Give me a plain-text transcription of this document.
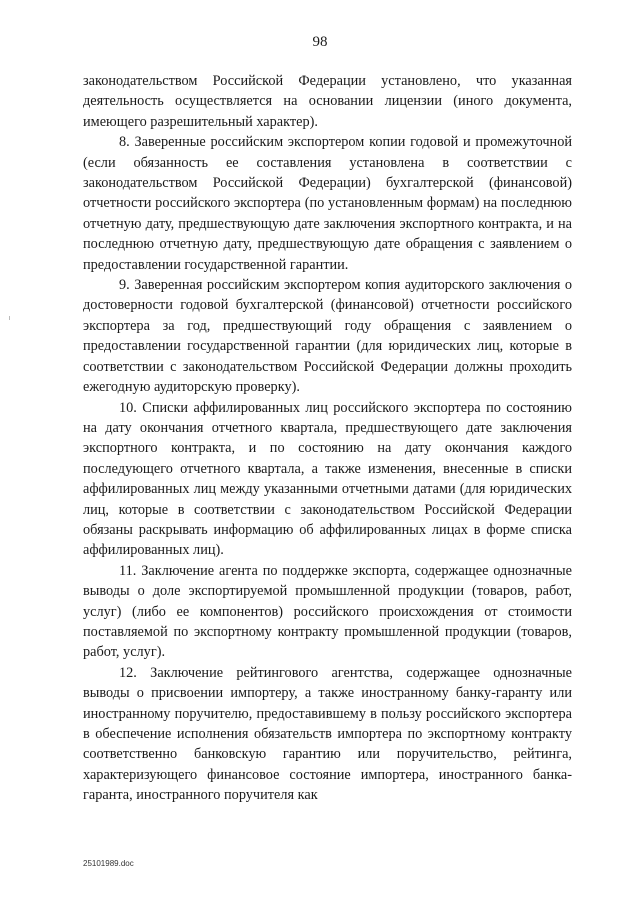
98

законодательством Российской Федерации установлено, что указанная деятельность осуществляется на основании лицензии (иного документа, имеющего разрешительный характер).

8. Заверенные российским экспортером копии годовой и промежуточной (если обязанность ее составления установлена в соответствии с законодательством Российской Федерации) бухгалтерской (финансовой) отчетности российского экспортера (по установленным формам) на последнюю отчетную дату, предшествующую дате заключения экспортного контракта, и на последнюю отчетную дату, предшествующую дате обращения с заявлением о предоставлении государственной гарантии.

9. Заверенная российским экспортером копия аудиторского заключения о достоверности годовой бухгалтерской (финансовой) отчетности российского экспортера за год, предшествующий году обращения с заявлением о предоставлении государственной гарантии (для юридических лиц, которые в соответствии с законодательством Российской Федерации должны проходить ежегодную аудиторскую проверку).

10. Списки аффилированных лиц российского экспортера по состоянию на дату окончания отчетного квартала, предшествующего дате заключения экспортного контракта, и по состоянию на дату окончания каждого последующего отчетного квартала, а также изменения, внесенные в списки аффилированных лиц между указанными отчетными датами (для юридических лиц, которые в соответствии с законодательством Российской Федерации обязаны раскрывать информацию об аффилированных лицах в форме списка аффилированных лиц).

11. Заключение агента по поддержке экспорта, содержащее однозначные выводы о доле экспортируемой промышленной продукции (товаров, работ, услуг) (либо ее компонентов) российского происхождения от стоимости поставляемой по экспортному контракту промышленной продукции (товаров, работ, услуг).

12. Заключение рейтингового агентства, содержащее однозначные выводы о присвоении импортеру, а также иностранному банку-гаранту или иностранному поручителю, предоставившему в пользу российского экспортера в обеспечение исполнения обязательств импортера по экспортному контракту соответственно банковскую гарантию или поручительство, рейтинга, характеризующего финансовое состояние импортера, иностранного банка-гаранта, иностранного поручителя как

25101989.doc
